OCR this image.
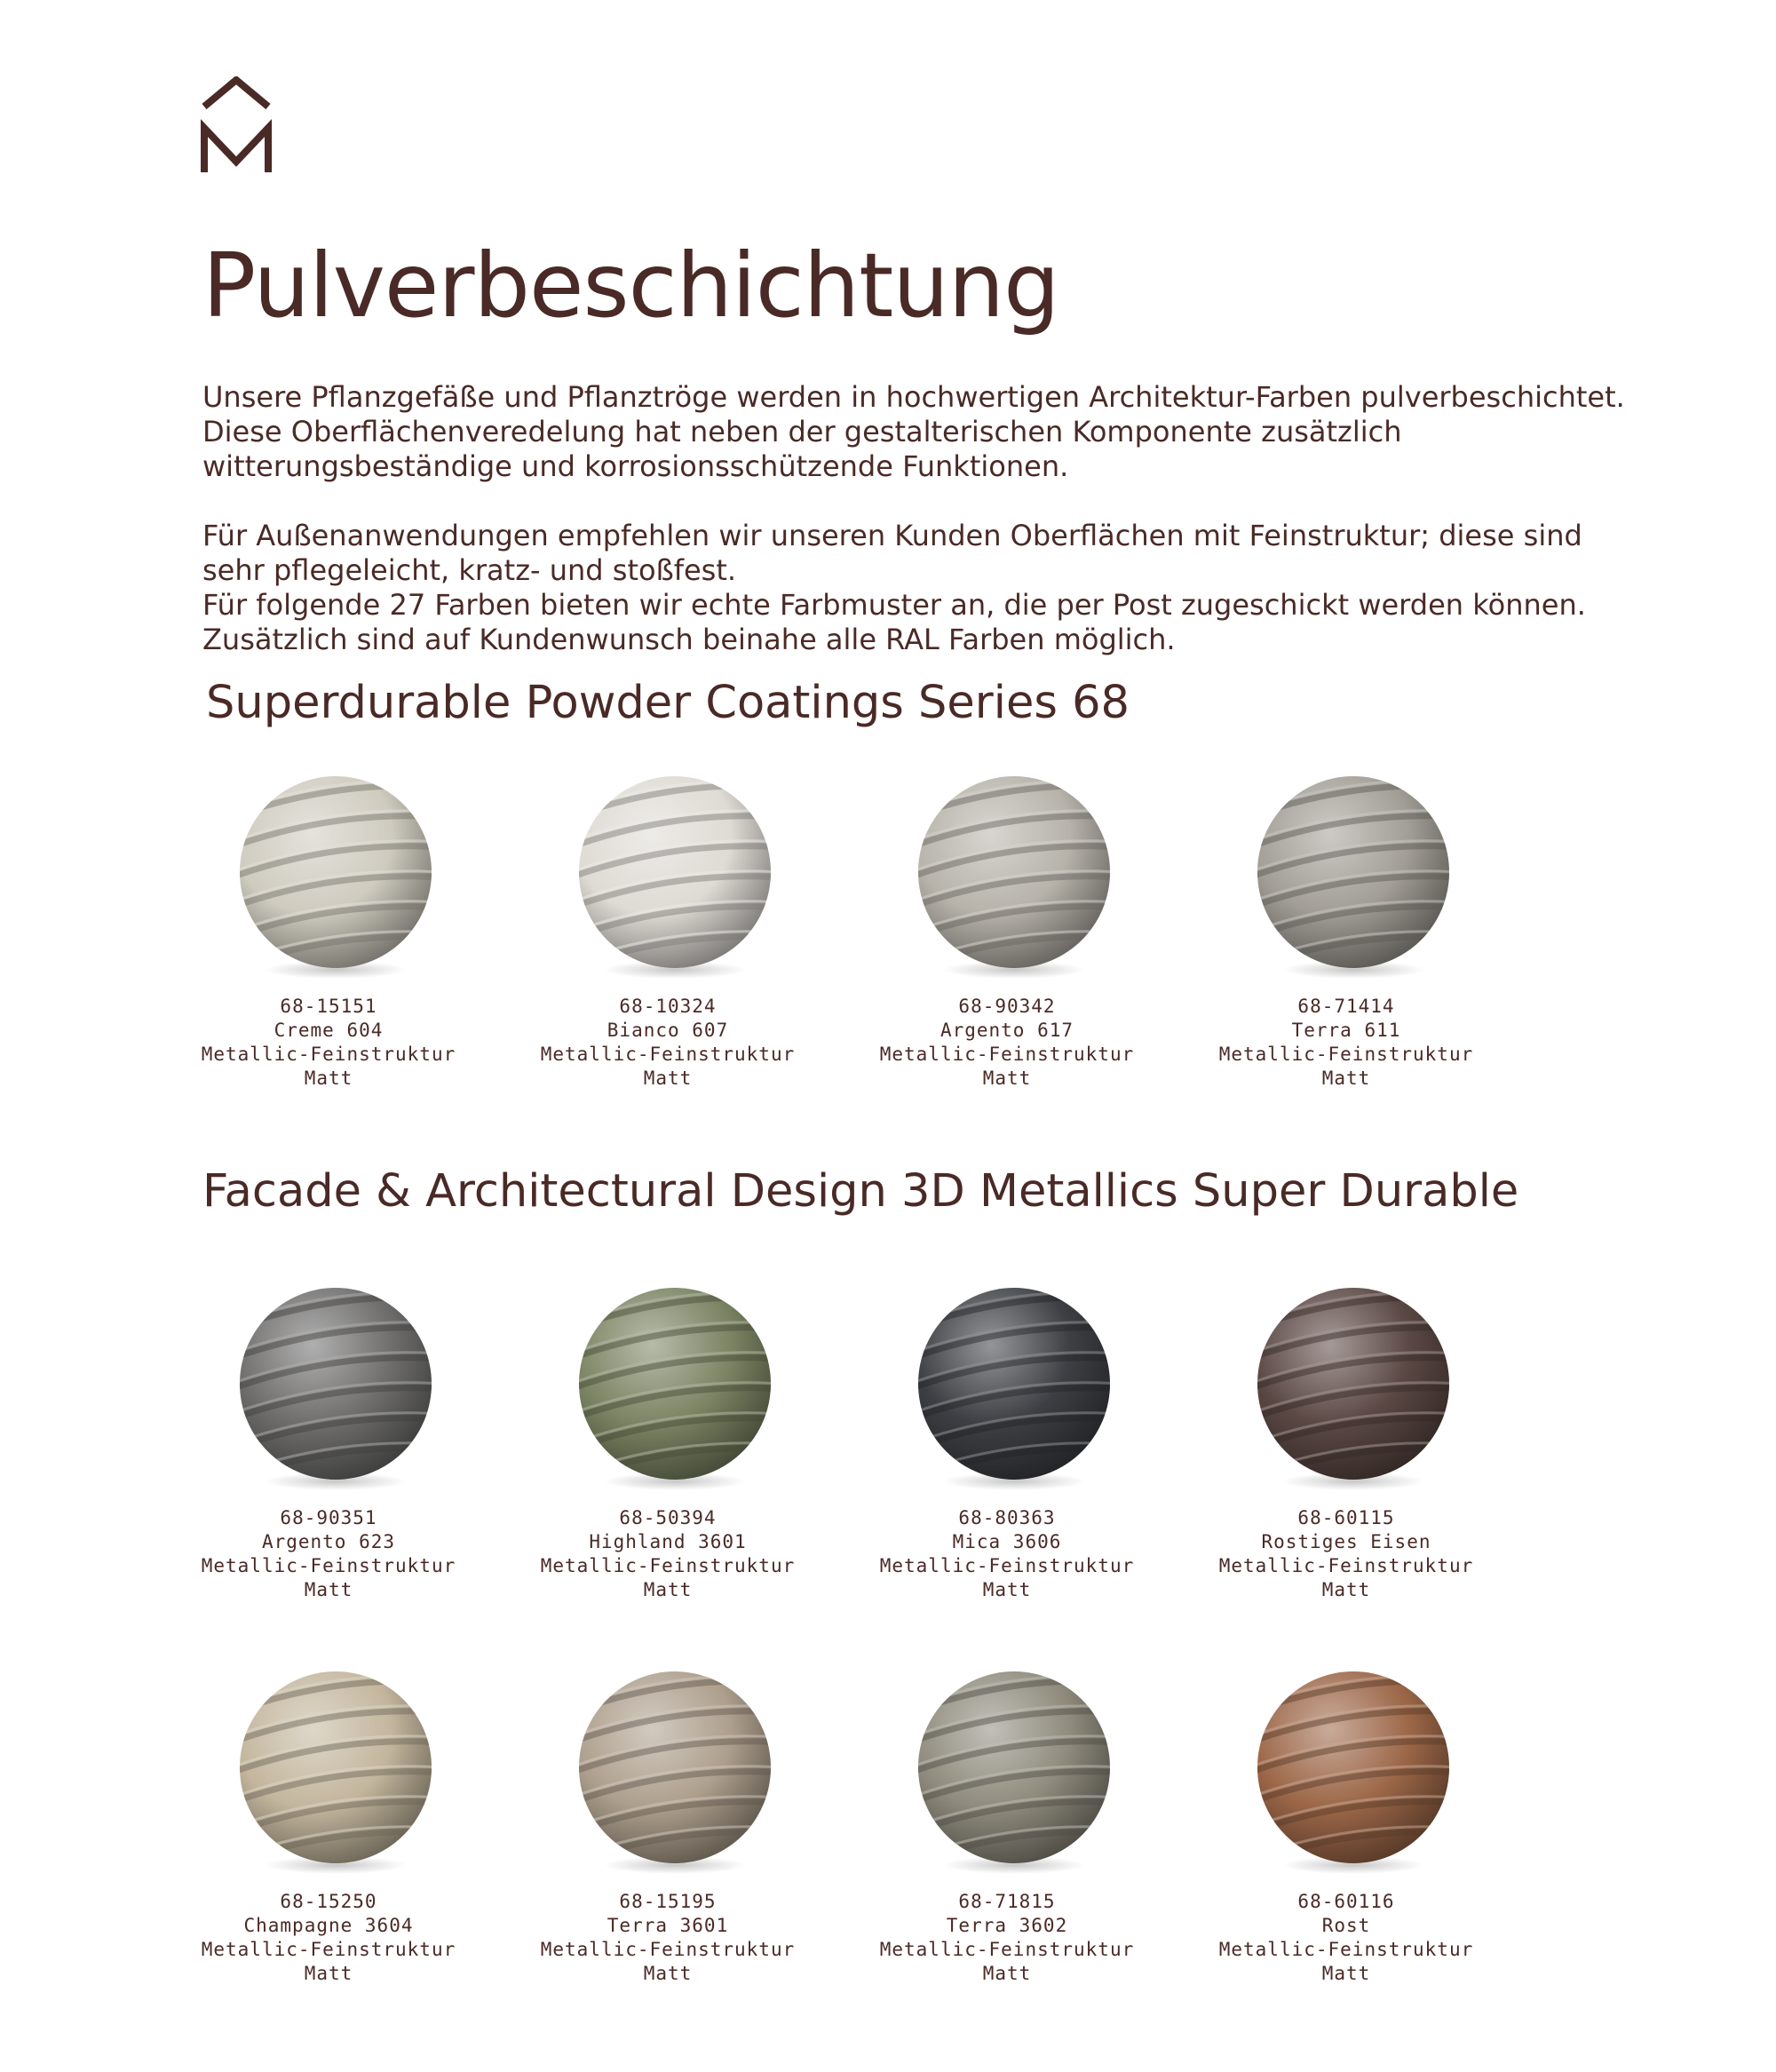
Pulverbeschichtung

Unsere Pflanzgefäße und Pflanztröge werden in hochwertigen Architektur-Farben pulverbeschichtet.
Diese Oberflächenveredelung hat neben der gestalterischen Komponente zusätzlich
witterungsbeständige und korrosionsschützende Funktionen.

Für Außenanwendungen empfehlen wir unseren Kunden Oberflächen mit Feinstruktur; diese sind
sehr pflegeleicht, kratz- und stoßfest.
Für folgende 27 Farben bieten wir echte Farbmuster an, die per Post zugeschickt werden können.
Zusätzlich sind auf Kundenwunsch beinahe alle RAL Farben möglich.

Superdurable Powder Coatings Series 68
Facade & Architectural Design 3D Metallics Super Durable
68-15151
Creme 604
Metallic-Feinstruktur
Matt
68-10324
Bianco 607
Metallic-Feinstruktur
Matt
68-90342
Argento 617
Metallic-Feinstruktur
Matt
68-71414
Terra 611
Metallic-Feinstruktur
Matt
68-90351
Argento 623
Metallic-Feinstruktur
Matt
68-50394
Highland 3601
Metallic-Feinstruktur
Matt
68-80363
Mica 3606
Metallic-Feinstruktur
Matt
68-60115
Rostiges Eisen
Metallic-Feinstruktur
Matt
68-15250
Champagne 3604
Metallic-Feinstruktur
Matt
68-15195
Terra 3601
Metallic-Feinstruktur
Matt
68-71815
Terra 3602
Metallic-Feinstruktur
Matt
68-60116
Rost
Metallic-Feinstruktur
Matt
